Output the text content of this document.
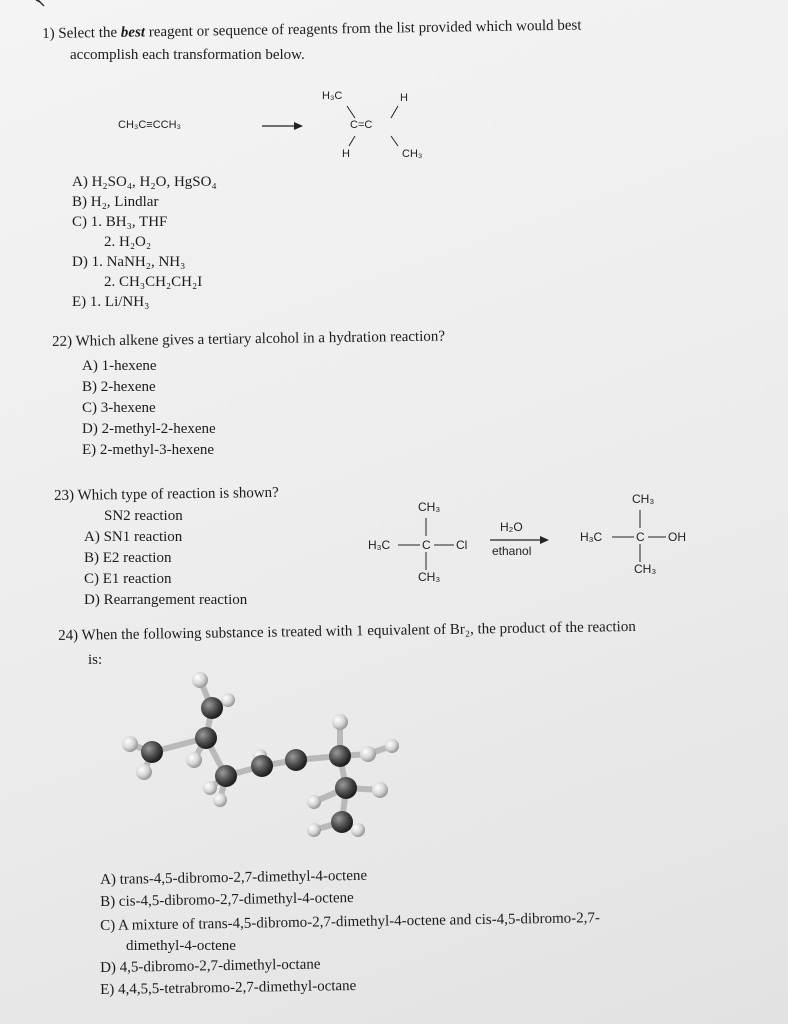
1) Select the best reagent or sequence of reagents from the list provided which would best
accomplish each transformation below.
CH₃C≡CCH₃
H₃C	H
C=C
H	CH₃
A) H₂SO₄, H₂O, HgSO₄
B) H₂, Lindlar
C) 1. BH₃, THF
2. H₂O₂
D) 1. NaNH₂, NH₃
2. CH₃CH₂CH₂I
E) 1. Li/NH₃
22) Which alkene gives a tertiary alcohol in a hydration reaction?
A) 1-hexene
B) 2-hexene
C) 3-hexene
D) 2-methyl-2-hexene
E) 2-methyl-3-hexene
23) Which type of reaction is shown?
SN2 reaction
A) SN1 reaction
B) E2 reaction
C) E1 reaction
D) Rearrangement reaction
CH₃
H₃C	C Cl
CH₃
H₂O
ethanol
CH₃
H₃C	C OH
CH₃
24) When the following substance is treated with 1 equivalent of Br₂, the product of the reaction
is:
A) trans-4,5-dibromo-2,7-dimethyl-4-octene
B) cis-4,5-dibromo-2,7-dimethyl-4-octene
C) A mixture of trans-4,5-dibromo-2,7-dimethyl-4-octene and cis-4,5-dibromo-2,7-
dimethyl-4-octene
D) 4,5-dibromo-2,7-dimethyl-octane
E) 4,4,5,5-tetrabromo-2,7-dimethyl-octane
